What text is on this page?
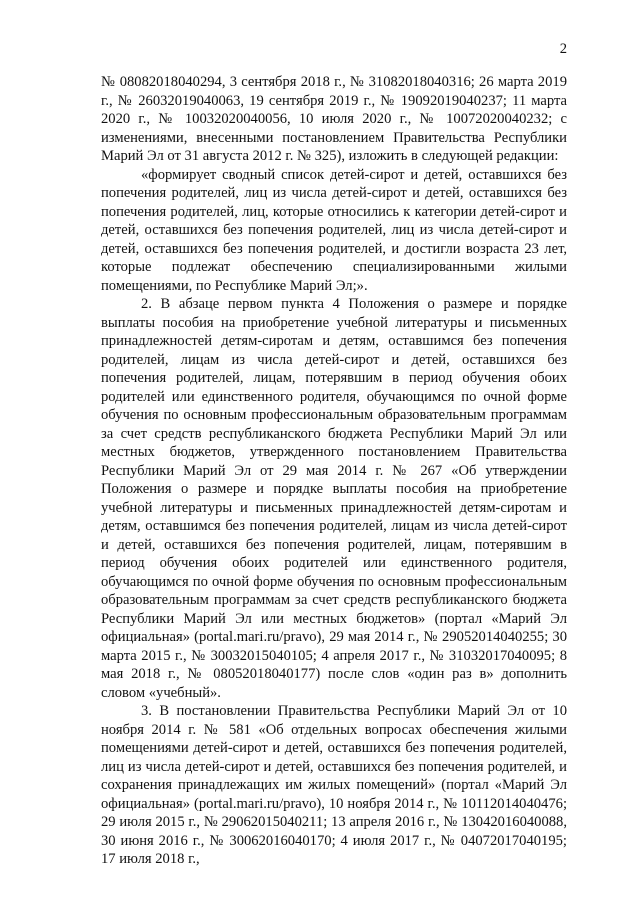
2

№ 08082018040294, 3 сентября 2018 г., № 31082018040316; 26 марта 2019 г., № 26032019040063, 19 сентября 2019 г., № 19092019040237; 11 марта 2020 г., № 10032020040056, 10 июля 2020 г., № 10072020040232; с изменениями, внесенными постановлением Правительства Республики Марий Эл от 31 августа 2012 г. № 325), изложить в следующей редакции:

«формирует сводный список детей-сирот и детей, оставшихся без попечения родителей, лиц из числа детей-сирот и детей, оставшихся без попечения родителей, лиц, которые относились к категории детей-сирот и детей, оставшихся без попечения родителей, лиц из числа детей-сирот и детей, оставшихся без попечения родителей, и достигли возраста 23 лет, которые подлежат обеспечению специализированными жилыми помещениями, по Республике Марий Эл;».

2. В абзаце первом пункта 4 Положения о размере и порядке выплаты пособия на приобретение учебной литературы и письменных принадлежностей детям-сиротам и детям, оставшимся без попечения родителей, лицам из числа детей-сирот и детей, оставшихся без попечения родителей, лицам, потерявшим в период обучения обоих родителей или единственного родителя, обучающимся по очной форме обучения по основным профессиональным образовательным программам за счет средств республиканского бюджета Республики Марий Эл или местных бюджетов, утвержденного постановлением Правительства Республики Марий Эл от 29 мая 2014 г. № 267 «Об утверждении Положения о размере и порядке выплаты пособия на приобретение учебной литературы и письменных принадлежностей детям-сиротам и детям, оставшимся без попечения родителей, лицам из числа детей-сирот и детей, оставшихся без попечения родителей, лицам, потерявшим в период обучения обоих родителей или единственного родителя, обучающимся по очной форме обучения по основным профессиональным образовательным программам за счет средств республиканского бюджета Республики Марий Эл или местных бюджетов» (портал «Марий Эл официальная» (portal.mari.ru/pravo), 29 мая 2014 г., № 29052014040255; 30 марта 2015 г., № 30032015040105; 4 апреля 2017 г., № 31032017040095; 8 мая 2018 г., № 08052018040177) после слов «один раз в» дополнить словом «учебный».

3. В постановлении Правительства Республики Марий Эл от 10 ноября 2014 г. № 581 «Об отдельных вопросах обеспечения жилыми помещениями детей-сирот и детей, оставшихся без попечения родителей, лиц из числа детей-сирот и детей, оставшихся без попечения родителей, и сохранения принадлежащих им жилых помещений» (портал «Марий Эл официальная» (portal.mari.ru/pravo), 10 ноября 2014 г., № 10112014040476; 29 июля 2015 г., № 29062015040211; 13 апреля 2016 г., № 13042016040088, 30 июня 2016 г., № 30062016040170; 4 июля 2017 г., № 04072017040195; 17 июля 2018 г.,
